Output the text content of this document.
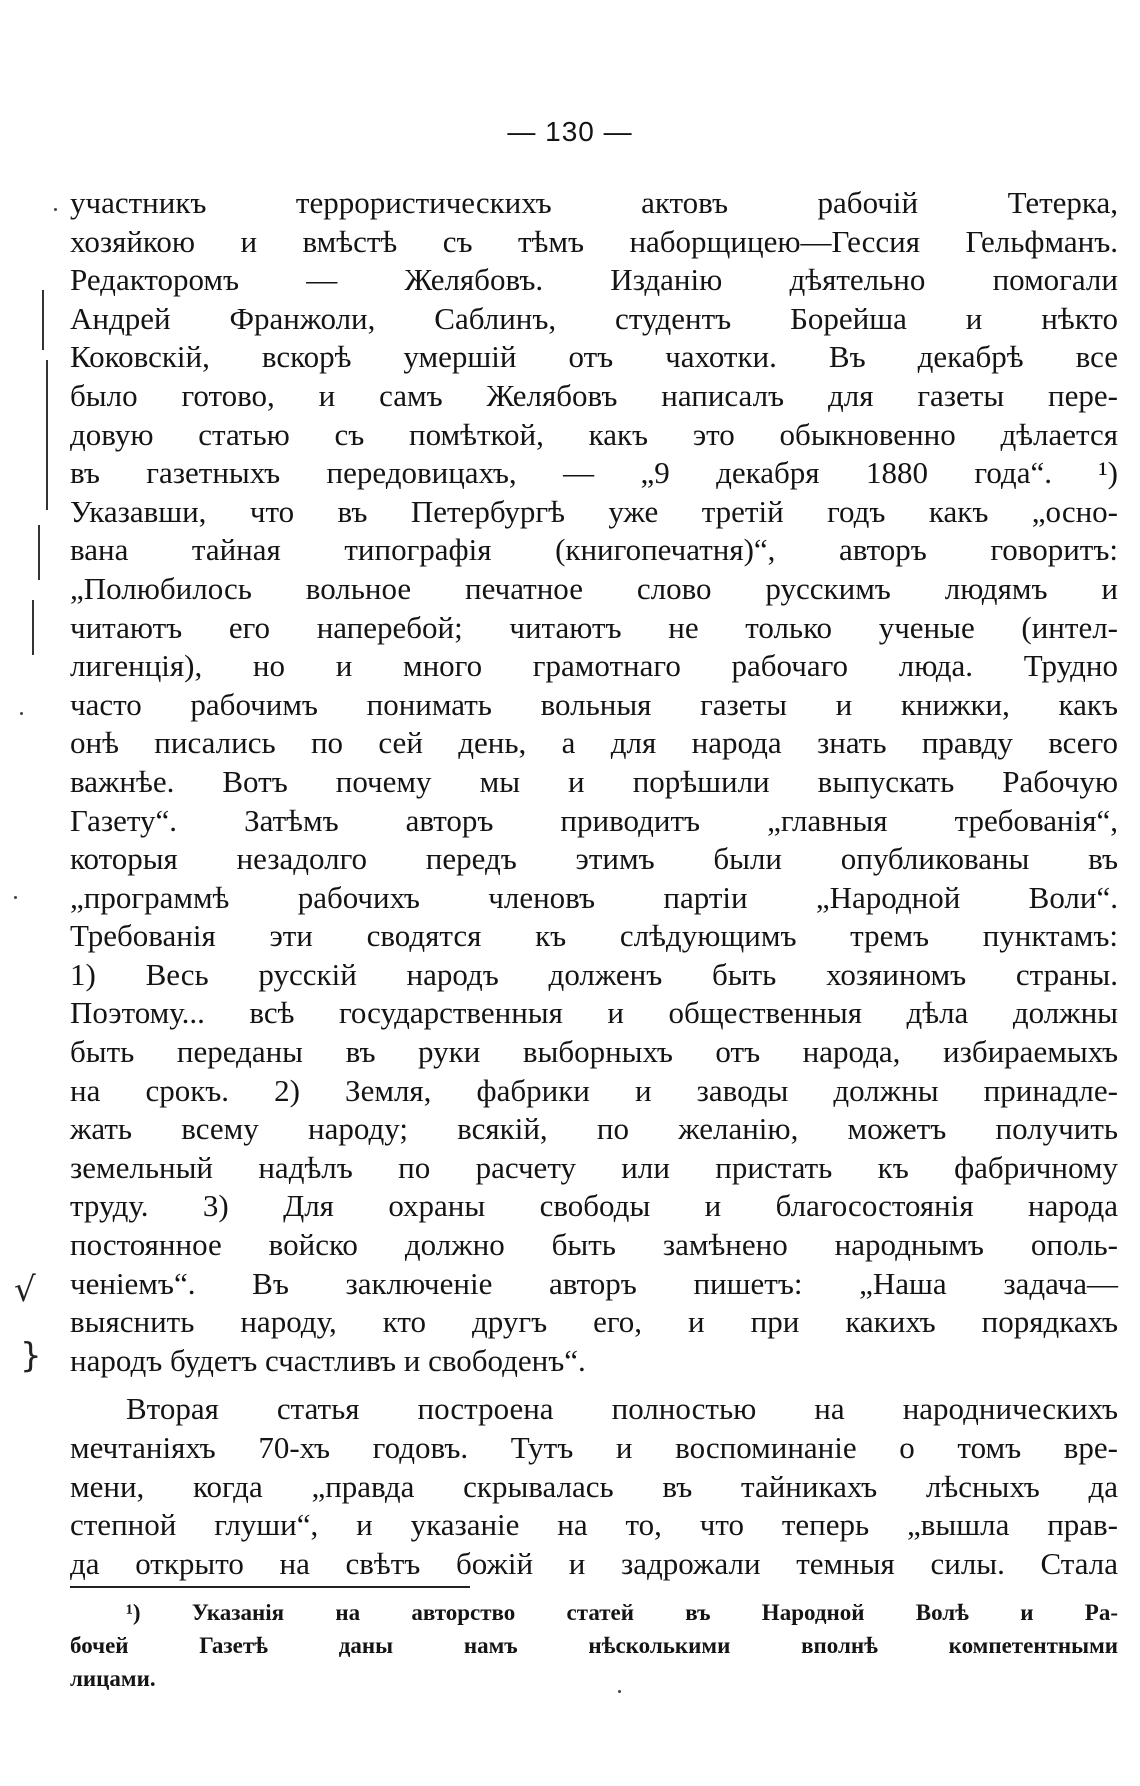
— 130 —
участникъ террористическихъ актовъ рабочій Тетерка,
хозяйкою и вмѣстѣ съ тѣмъ наборщицею—Гессия Гельфманъ.
Редакторомъ — Желябовъ. Изданію дѣятельно помогали
Андрей Франжоли, Саблинъ, студентъ Борейша и нѣкто
Коковскій, вскорѣ умершій отъ чахотки. Въ декабрѣ все
было готово, и самъ Желябовъ написалъ для газеты пере-
довую статью съ помѣткой, какъ это обыкновенно дѣлается
въ газетныхъ передовицахъ, — „9 декабря 1880 года“. ¹)
Указавши, что въ Петербургѣ уже третій годъ какъ „осно-
вана тайная типографія (книгопечатня)“, авторъ говоритъ:
„Полюбилось вольное печатное слово русскимъ людямъ и
читаютъ его наперебой; читаютъ не только ученые (интел-
лигенція), но и много грамотнаго рабочаго люда. Трудно
часто рабочимъ понимать вольныя газеты и книжки, какъ
онѣ писались по сей день, а для народа знать правду всего
важнѣе. Вотъ почему мы и порѣшили выпускать Рабочую
Газету“. Затѣмъ авторъ приводитъ „главныя требованія“,
которыя незадолго передъ этимъ были опубликованы въ
„программѣ рабочихъ членовъ партіи „Народной Воли“.
Требованія эти сводятся къ слѣдующимъ тремъ пунктамъ:
1) Весь русскій народъ долженъ быть хозяиномъ страны.
Поэтому... всѣ государственныя и общественныя дѣла должны
быть переданы въ руки выборныхъ отъ народа, избираемыхъ
на срокъ. 2) Земля, фабрики и заводы должны принадле-
жать всему народу; всякій, по желанію, можетъ получить
земельный надѣлъ по расчету или пристать къ фабричному
труду. 3) Для охраны свободы и благосостоянія народа
постоянное войско должно быть замѣнено народнымъ ополь-
ченіемъ“. Въ заключеніе авторъ пишетъ: „Наша задача—
выяснить народу, кто другъ его, и при какихъ порядкахъ
народъ будетъ счастливъ и свободенъ“.
Вторая статья построена полностью на народническихъ
мечтаніяхъ 70-хъ годовъ. Тутъ и воспоминаніе о томъ вре-
мени, когда „правда скрывалась въ тайникахъ лѣсныхъ да
степной глуши“, и указаніе на то, что теперь „вышла прав-
да открыто на свѣтъ божій и задрожали темныя силы. Стала
¹) Указанія на авторство статей въ Народной Волѣ и Ра-
бочей Газетѣ даны намъ нѣсколькими вполнѣ компетентными
лицами.
√
}
